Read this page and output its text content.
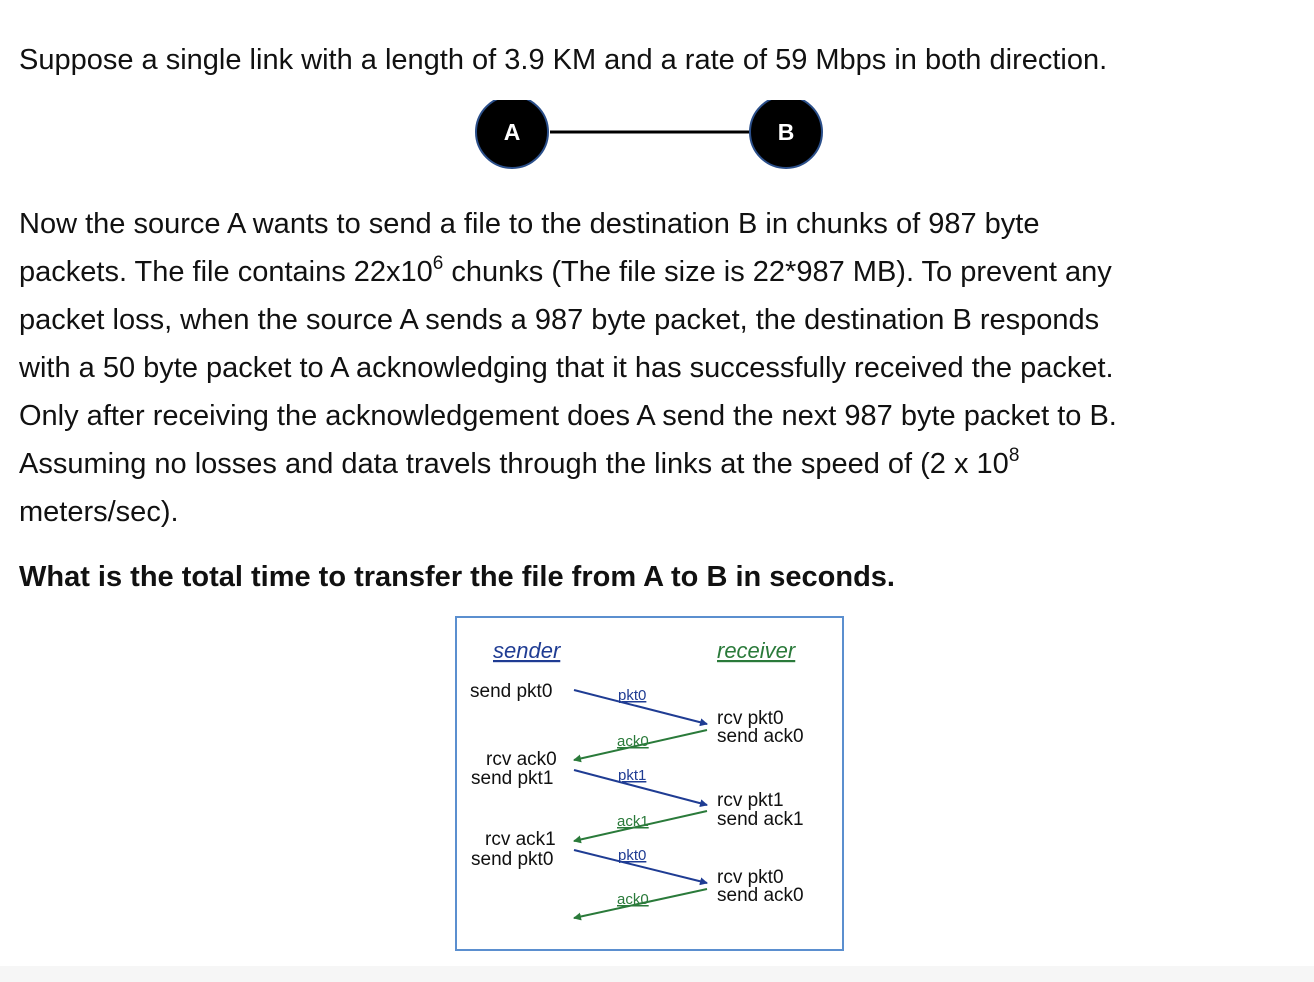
Suppose a single link with a length of 3.9 KM and a rate of 59 Mbps in both direction.

A	B
Now the source A wants to send a file to the destination B in chunks of 987 byte
packets. The file contains $22x10^6$ chunks (The file size is 22*987 MB). To prevent any
packet loss, when the source A sends a 987 byte packet, the destination B responds
with a 50 byte packet to A acknowledging that it has successfully received the packet.
Only after receiving the acknowledgement does A send the next 987 byte packet to B.
Assuming no losses and data travels through the links at the speed of (2 x $10^8$
meters/sec).

What is the total time to transfer the file from A to B in seconds.

sender	receiver
send pkt0
rcv ack0
send pkt1
rcv ack1
send pkt0
rcv pkt0
send ack0
rcv pkt1
send ack1
rcv pkt0
send ack0
pkt0
ack0
pkt1
ack1
pkt0
ack0
